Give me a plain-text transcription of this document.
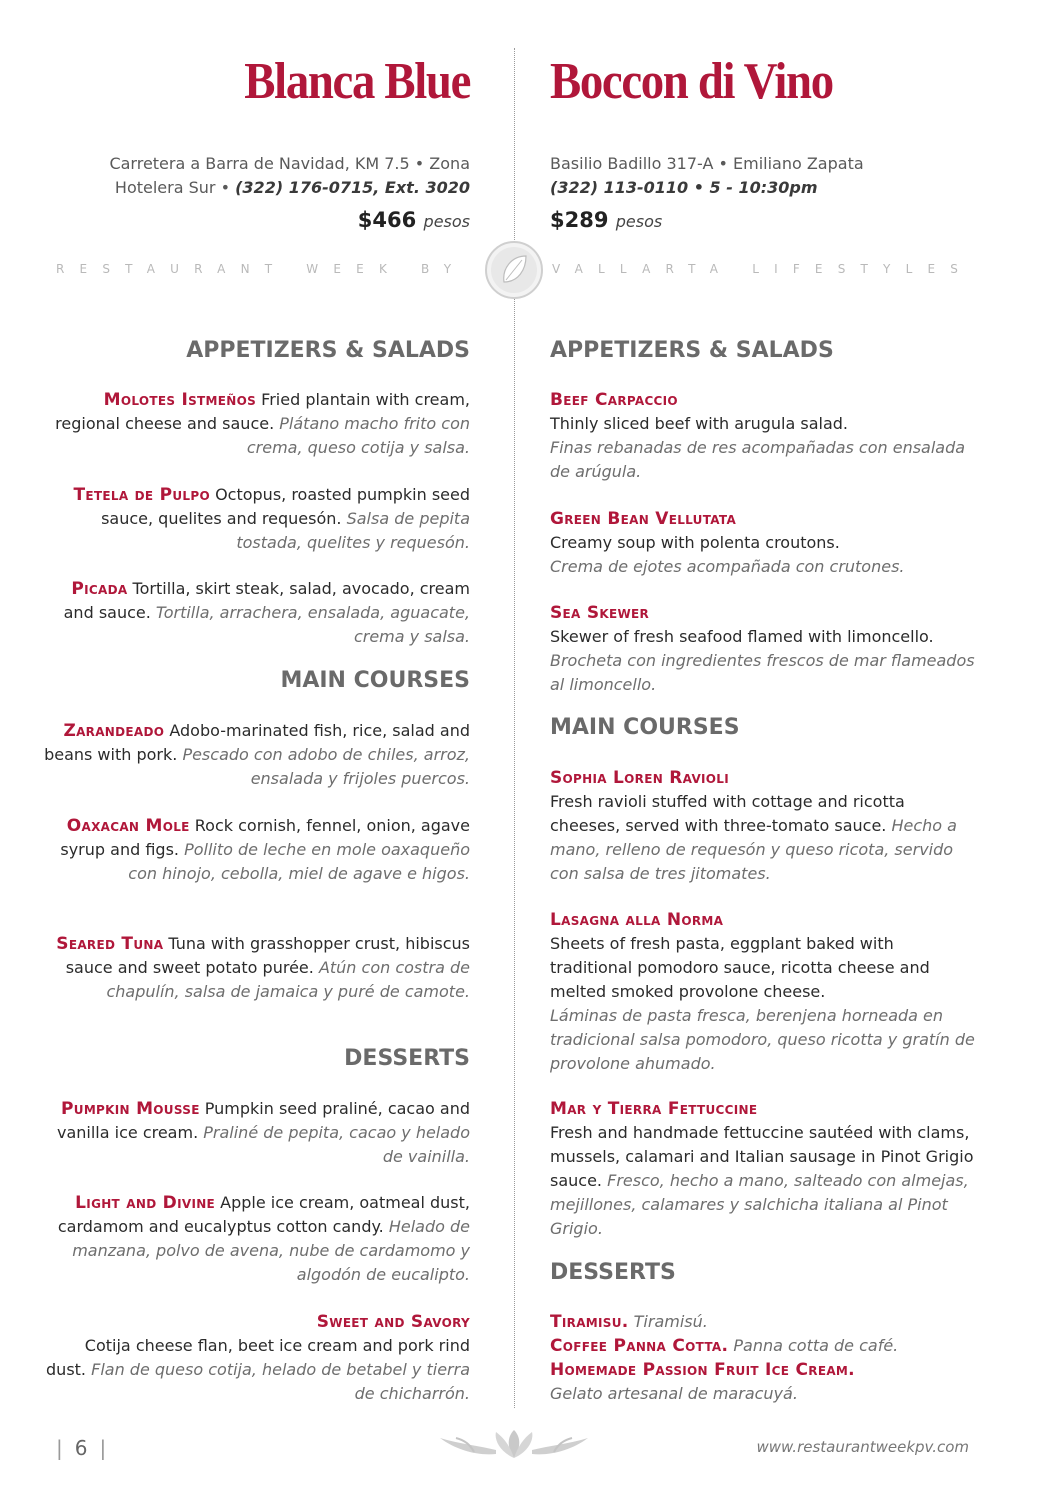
Blanca Blue
Carretera a Barra de Navidad, KM 7.5 • Zona
Hotelera Sur • (322) 176-0715, Ext. 3020
$466 pesos
Boccon di Vino
Basilio Badillo 317-A • Emiliano Zapata
(322) 113-0110 • 5 - 10:30pm
$289 pesos
RESTAURANT WEEK BY	VALLARTA LIFESTYLES
APPETIZERS & SALADS
Molotes Istmeños Fried plantain with cream, regional cheese and sauce. Plátano macho frito con crema, queso cotija y salsa.
Tetela de Pulpo Octopus, roasted pumpkin seed sauce, quelites and requesón. Salsa de pepita tostada, quelites y requesón.
Picada Tortilla, skirt steak, salad, avocado, cream and sauce. Tortilla, arrachera, ensalada, aguacate, crema y salsa.
MAIN COURSES
Zarandeado Adobo-marinated fish, rice, salad and beans with pork. Pescado con adobo de chiles, arroz, ensalada y frijoles puercos.
Oaxacan Mole Rock cornish, fennel, onion, agave syrup and figs. Pollito de leche en mole oaxaqueño con hinojo, cebolla, miel de agave e higos.
Seared Tuna Tuna with grasshopper crust, hibiscus sauce and sweet potato purée. Atún con costra de chapulín, salsa de jamaica y puré de camote.
DESSERTS
Pumpkin Mousse Pumpkin seed praliné, cacao and vanilla ice cream. Praliné de pepita, cacao y helado de vainilla.
Light and Divine Apple ice cream, oatmeal dust, cardamom and eucalyptus cotton candy. Helado de manzana, polvo de avena, nube de cardamomo y algodón de eucalipto.
Sweet and Savory
Cotija cheese flan, beet ice cream and pork rind dust. Flan de queso cotija, helado de betabel y tierra de chicharrón.
APPETIZERS & SALADS
Beef Carpaccio
Thinly sliced beef with arugula salad.
Finas rebanadas de res acompañadas con ensalada de arúgula.
Green Bean Vellutata
Creamy soup with polenta croutons.
Crema de ejotes acompañada con crutones.
Sea Skewer
Skewer of fresh seafood flamed with limoncello.
Brocheta con ingredientes frescos de mar flameados al limoncello.
MAIN COURSES
Sophia Loren Ravioli
Fresh ravioli stuffed with cottage and ricotta cheeses, served with three-tomato sauce. Hecho a mano, relleno de requesón y queso ricota, servido con salsa de tres jitomates.
Lasagna alla Norma
Sheets of fresh pasta, eggplant baked with traditional pomodoro sauce, ricotta cheese and melted smoked provolone cheese.
Láminas de pasta fresca, berenjena horneada en tradicional salsa pomodoro, queso ricotta y gratín de provolone ahumado.
Mar y Tierra Fettuccine
Fresh and handmade fettuccine sautéed with clams, mussels, calamari and Italian sausage in Pinot Grigio sauce. Fresco, hecho a mano, salteado con almejas, mejillones, calamares y salchicha italiana al Pinot Grigio.
DESSERTS
Tiramisu. Tiramisú.
Coffee Panna Cotta. Panna cotta de café.
Homemade Passion Fruit Ice Cream.
Gelato artesanal de maracuyá.
| 6 |	www.restaurantweekpv.com
